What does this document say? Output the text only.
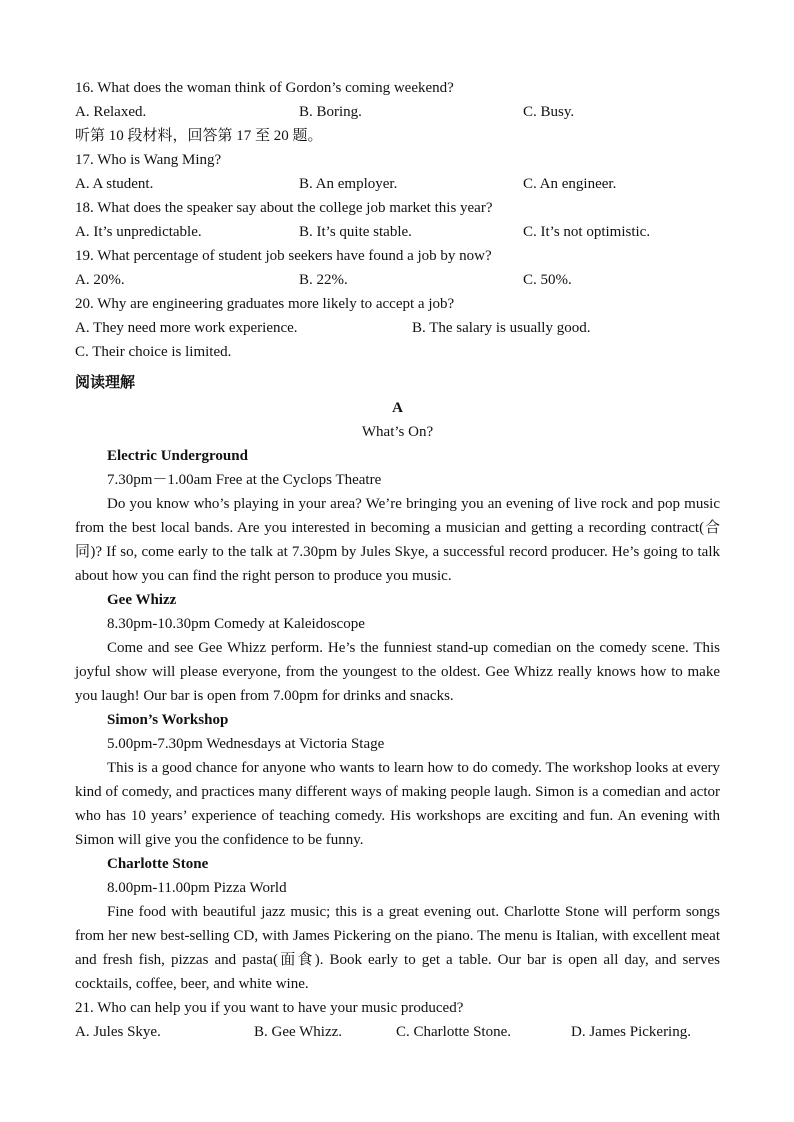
16. What does the woman think of Gordon’s coming weekend?
A. Relaxed.	B. Boring.	C. Busy.
听第 10 段材料，回答第 17 至 20 题。
17. Who is Wang Ming?
A. A student.	B. An employer.	C. An engineer.
18. What does the speaker say about the college job market this year?
A. It’s unpredictable.	B. It’s quite stable.	C. It’s not optimistic.
19. What percentage of student job seekers have found a job by now?
A. 20%.	B. 22%.	C. 50%.
20. Why are engineering graduates more likely to accept a job?
A. They need more work experience.	B. The salary is usually good.
C. Their choice is limited.
阅读理解
A
What’s On?
Electric Underground
7.30pm－1.00am Free at the Cyclops Theatre
Do you know who’s playing in your area? We’re bringing you an evening of live rock and pop music from the best local bands. Are you interested in becoming a musician and getting a recording contract(合同)? If so, come early to the talk at 7.30pm by Jules Skye, a successful record producer. He’s going to talk about how you can find the right person to produce you music.
Gee Whizz
8.30pm-10.30pm Comedy at Kaleidoscope
Come and see Gee Whizz perform. He’s the funniest stand-up comedian on the comedy scene. This joyful show will please everyone, from the youngest to the oldest. Gee Whizz really knows how to make you laugh! Our bar is open from 7.00pm for drinks and snacks.
Simon’s Workshop
5.00pm-7.30pm Wednesdays at Victoria Stage
This is a good chance for anyone who wants to learn how to do comedy. The workshop looks at every kind of comedy, and practices many different ways of making people laugh. Simon is a comedian and actor who has 10 years’ experience of teaching comedy. His workshops are exciting and fun. An evening with Simon will give you the confidence to be funny.
Charlotte Stone
8.00pm-11.00pm Pizza World
Fine food with beautiful jazz music; this is a great evening out. Charlotte Stone will perform songs from her new best-selling CD, with James Pickering on the piano. The menu is Italian, with excellent meat and fresh fish, pizzas and pasta(面食). Book early to get a table. Our bar is open all day, and serves cocktails, coffee, beer, and white wine.
21. Who can help you if you want to have your music produced?
A. Jules Skye.	B. Gee Whizz.	C. Charlotte Stone.	D. James Pickering.
